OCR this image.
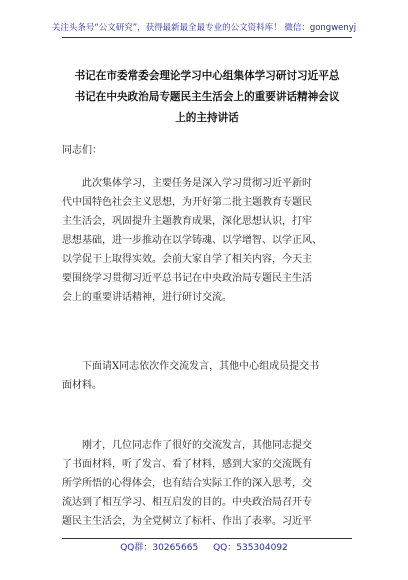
关注头条号“公文研究”，获得最新最全最专业的公文资料库！ 微信：gongwenyj
书记在市委常委会理论学习中心组集体学习研讨习近平总
书记在中央政治局专题民主生活会上的重要讲话精神会议
上的主持讲话
同志们：
　　此次集体学习，主要任务是深入学习贯彻习近平新时
代中国特色社会主义思想，为开好第二批主题教育专题民
主生活会，巩固提升主题教育成果，深化思想认识，打牢
思想基础，进一步推动在以学铸魂、以学增智、以学正风、
以学促干上取得实效。会前大家自学了相关内容，今天主
要围绕学习贯彻习近平总书记在中央政治局专题民主生活
会上的重要讲话精神，进行研讨交流。
　　下面请X同志依次作交流发言，其他中心组成员提交书
面材料。
　　刚才，几位同志作了很好的交流发言，其他同志提交
了书面材料，听了发言、看了材料，感到大家的交流既有
所学所悟的心得体会，也有结合实际工作的深入思考，交
流达到了相互学习、相互启发的目的。中央政治局召开专
题民主生活会，为全党树立了标杆、作出了表率。习近平
QQ群：30265665 QQ：535304092
